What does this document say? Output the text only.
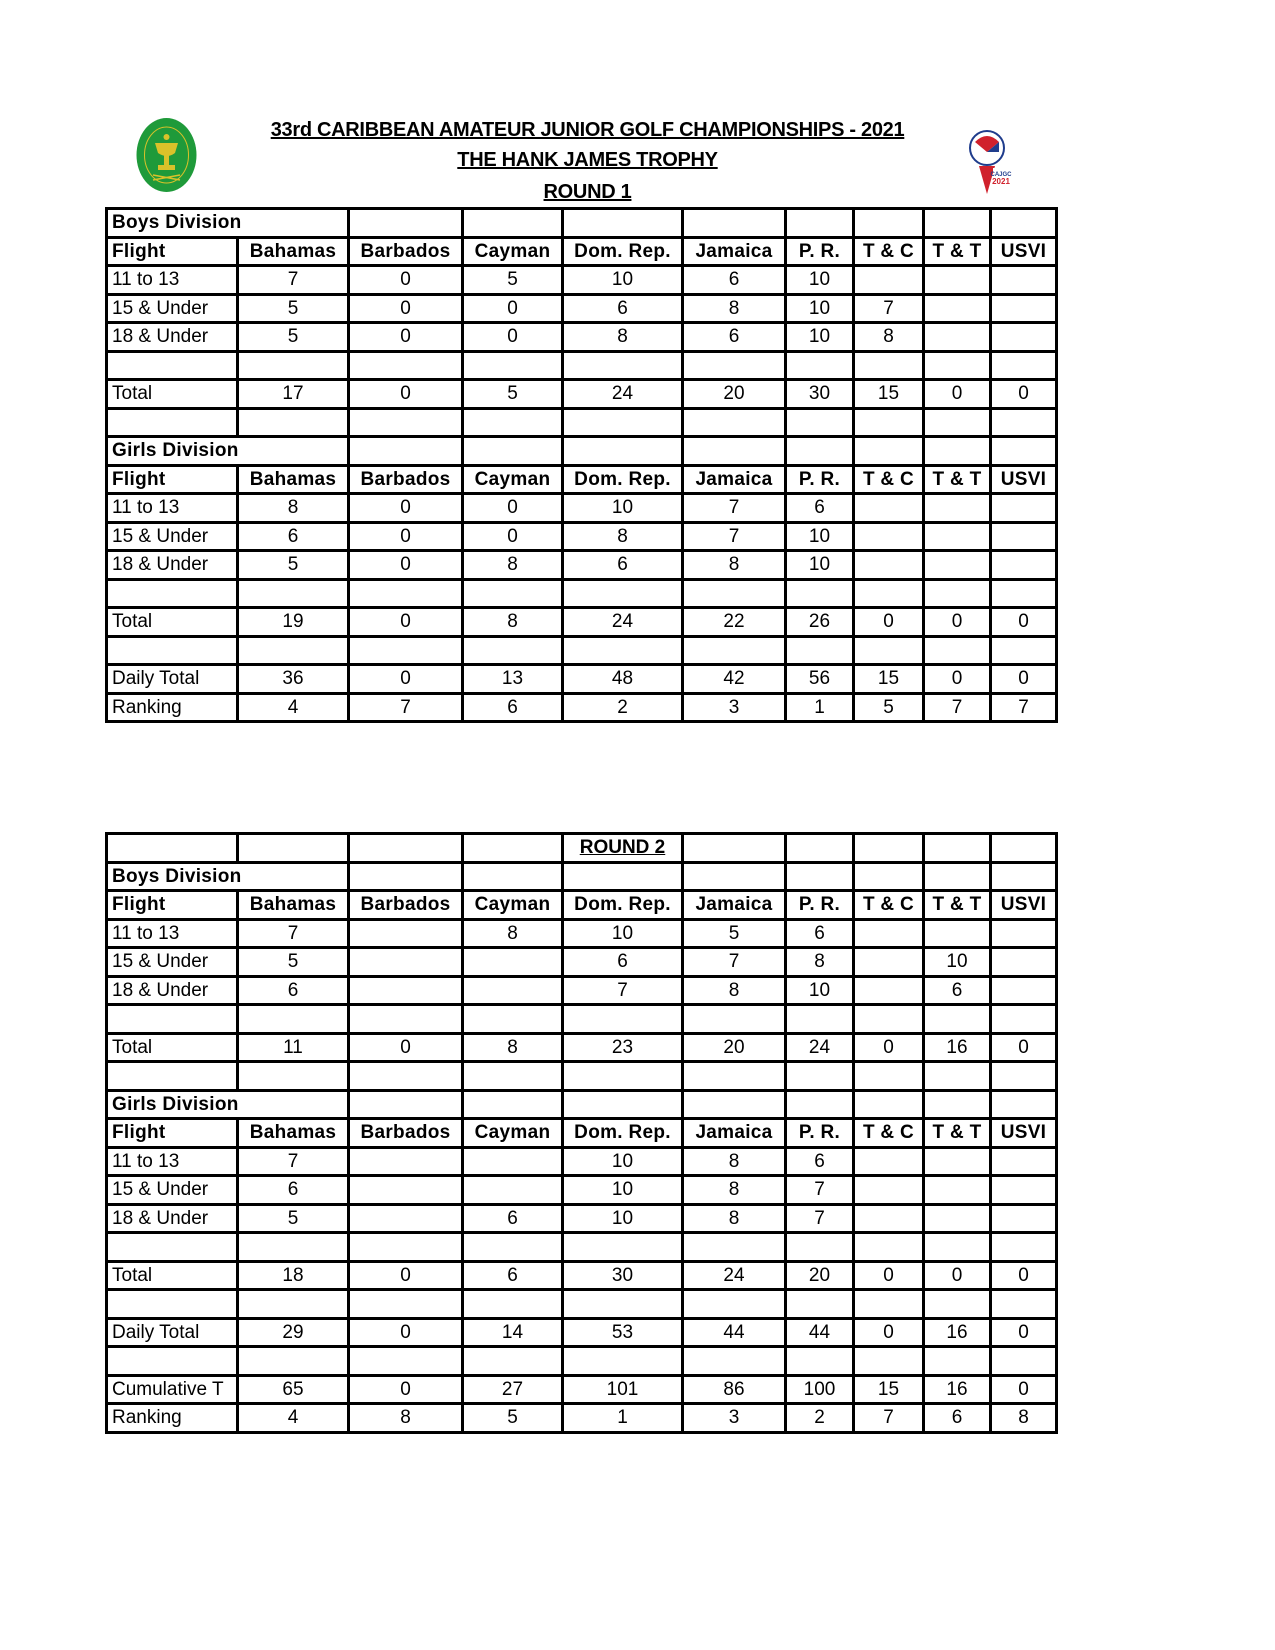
33rd CARIBBEAN AMATEUR JUNIOR GOLF CHAMPIONSHIPS - 2021
THE HANK JAMES TROPHY
ROUND 1
CAJGC
2021
Boys Division									

Flight	Bahamas	Barbados	Cayman	Dom. Rep.	Jamaica	P. R.	T & C	T & T	USVI
11 to 13	7	0	5	10	6	10			
15 & Under	5	0	0	6	8	10	7		
18 & Under	5	0	0	8	6	10	8		

Total	17	0	5	24	20	30	15	0	0

Girls Division									

Flight	Bahamas	Barbados	Cayman	Dom. Rep.	Jamaica	P. R.	T & C	T & T	USVI
11 to 13	8	0	0	10	7	6			
15 & Under	6	0	0	8	7	10			
18 & Under	5	0	8	6	8	10			

Total	19	0	8	24	22	26	0	0	0

Daily Total	36	0	13	48	42	56	15	0	0
Ranking	4	7	6	2	3	1	5	7	7
				ROUND 2					

Boys Division									

Flight	Bahamas	Barbados	Cayman	Dom. Rep.	Jamaica	P. R.	T & C	T & T	USVI
11 to 13	7		8	10	5	6			
15 & Under	5			6	7	8		10	
18 & Under	6			7	8	10		6	

Total	11	0	8	23	20	24	0	16	0

Girls Division									

Flight	Bahamas	Barbados	Cayman	Dom. Rep.	Jamaica	P. R.	T & C	T & T	USVI
11 to 13	7			10	8	6			
15 & Under	6			10	8	7			
18 & Under	5		6	10	8	7			

Total	18	0	6	30	24	20	0	0	0

Daily Total	29	0	14	53	44	44	0	16	0

Cumulative T	65	0	27	101	86	100	15	16	0
Ranking	4	8	5	1	3	2	7	6	8
